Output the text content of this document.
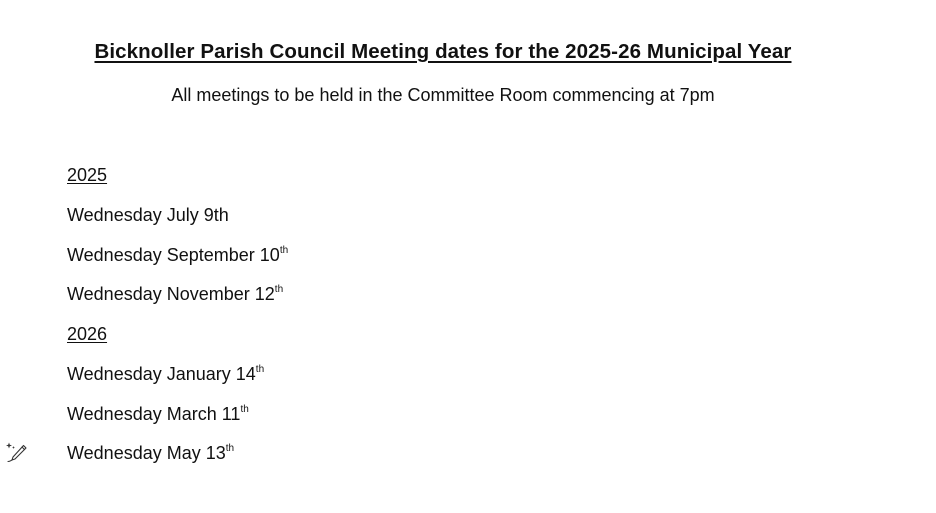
Bicknoller Parish Council Meeting dates for the 2025-26 Municipal Year
All meetings to be held in the Committee Room commencing at 7pm
2025
Wednesday July 9th
Wednesday September 10th
Wednesday November 12th
2026
Wednesday January 14th
Wednesday March 11th
Wednesday May 13th
